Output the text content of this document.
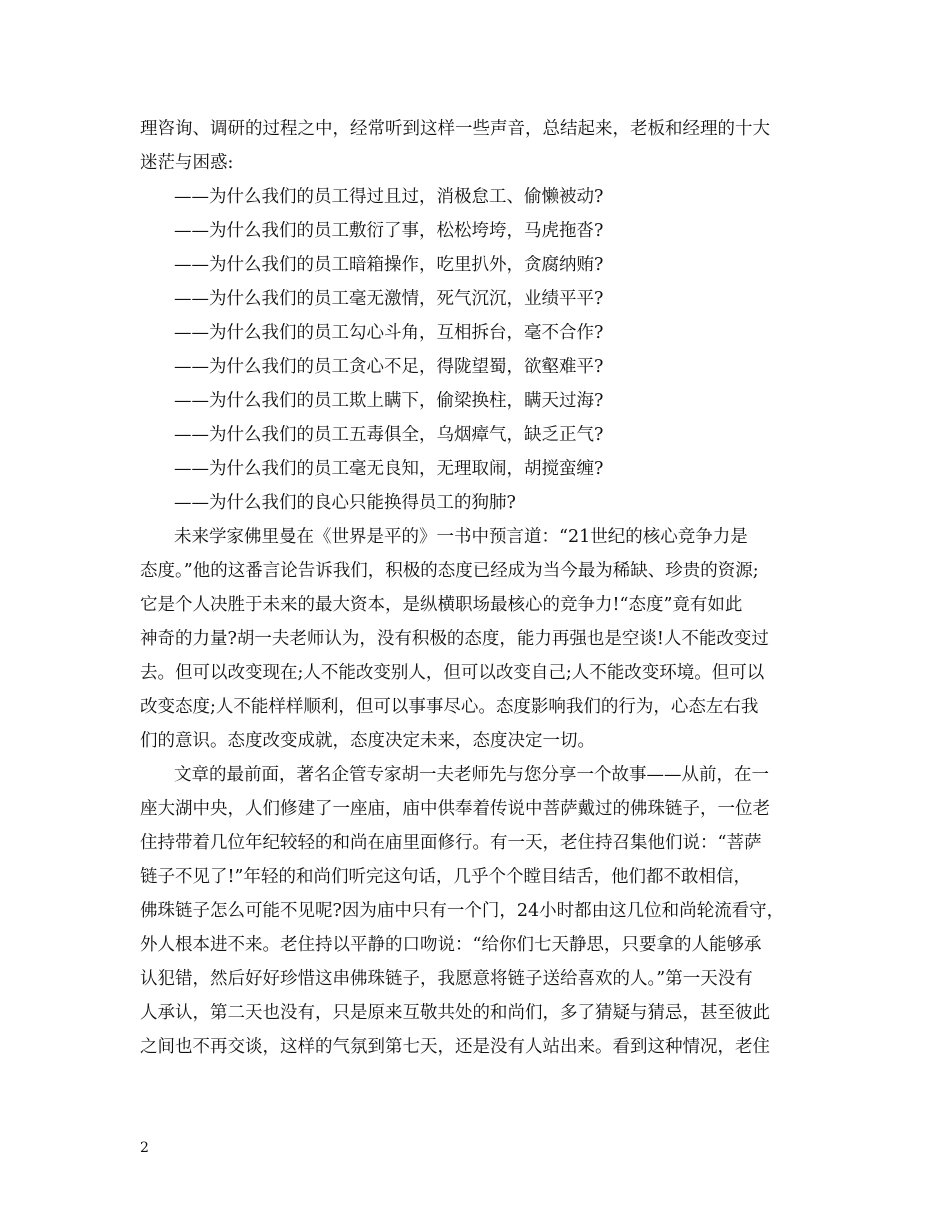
理咨询、调研的过程之中，经常听到这样一些声音，总结起来，老板和经理的十大
迷茫与困惑:
——为什么我们的员工得过且过，消极怠工、偷懒被动?
——为什么我们的员工敷衍了事，松松垮垮，马虎拖沓?
——为什么我们的员工暗箱操作，吃里扒外，贪腐纳贿?
——为什么我们的员工毫无激情，死气沉沉，业绩平平?
——为什么我们的员工勾心斗角，互相拆台，毫不合作?
——为什么我们的员工贪心不足，得陇望蜀，欲壑难平?
——为什么我们的员工欺上瞒下，偷梁换柱，瞒天过海?
——为什么我们的员工五毒俱全，乌烟瘴气，缺乏正气?
——为什么我们的员工毫无良知，无理取闹，胡搅蛮缠?
——为什么我们的良心只能换得员工的狗肺?
未来学家佛里曼在《世界是平的》一书中预言道：“21世纪的核心竞争力是
态度。”他的这番言论告诉我们，积极的态度已经成为当今最为稀缺、珍贵的资源;
它是个人决胜于未来的最大资本，是纵横职场最核心的竞争力!“态度”竟有如此
神奇的力量?胡一夫老师认为，没有积极的态度，能力再强也是空谈!人不能改变过
去。但可以改变现在;人不能改变别人，但可以改变自己;人不能改变环境。但可以
改变态度;人不能样样顺利，但可以事事尽心。态度影响我们的行为，心态左右我
们的意识。态度改变成就，态度决定未来，态度决定一切。
文章的最前面，著名企管专家胡一夫老师先与您分享一个故事——从前，在一
座大湖中央，人们修建了一座庙，庙中供奉着传说中菩萨戴过的佛珠链子，一位老
住持带着几位年纪较轻的和尚在庙里面修行。有一天，老住持召集他们说：“菩萨
链子不见了!”年轻的和尚们听完这句话，几乎个个瞠目结舌，他们都不敢相信，
佛珠链子怎么可能不见呢?因为庙中只有一个门，24小时都由这几位和尚轮流看守，
外人根本进不来。老住持以平静的口吻说：“给你们七天静思，只要拿的人能够承
认犯错，然后好好珍惜这串佛珠链子，我愿意将链子送给喜欢的人。”第一天没有
人承认，第二天也没有，只是原来互敬共处的和尚们，多了猜疑与猜忌，甚至彼此
之间也不再交谈，这样的气氛到第七天，还是没有人站出来。看到这种情况，老住
2
